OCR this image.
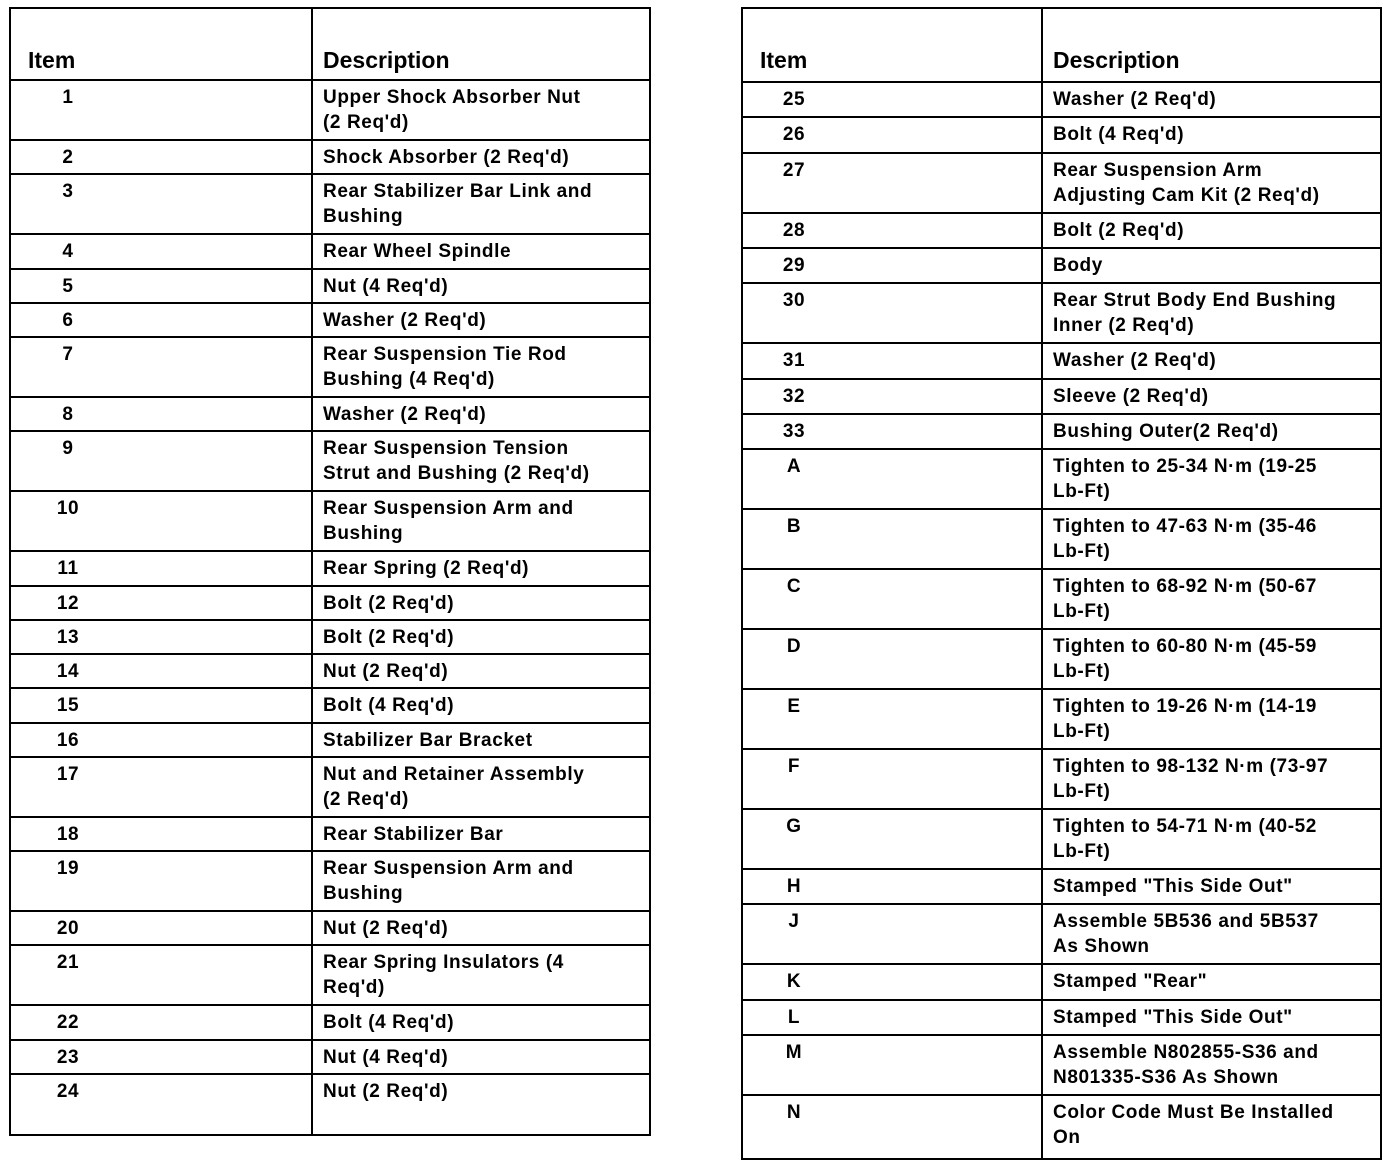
Item	Description
1	Upper Shock Absorber Nut
(2 Req'd)
2	Shock Absorber (2 Req'd)
3	Rear Stabilizer Bar Link and
Bushing
4	Rear Wheel Spindle
5	Nut (4 Req'd)
6	Washer (2 Req'd)
7	Rear Suspension Tie Rod
Bushing (4 Req'd)
8	Washer (2 Req'd)
9	Rear Suspension Tension
Strut and Bushing (2 Req'd)
10	Rear Suspension Arm and
Bushing
11	Rear Spring (2 Req'd)
12	Bolt (2 Req'd)
13	Bolt (2 Req'd)
14	Nut (2 Req'd)
15	Bolt (4 Req'd)
16	Stabilizer Bar Bracket
17	Nut and Retainer Assembly
(2 Req'd)
18	Rear Stabilizer Bar
19	Rear Suspension Arm and
Bushing
20	Nut (2 Req'd)
21	Rear Spring Insulators (4
Req'd)
22	Bolt (4 Req'd)
23	Nut (4 Req'd)
24	Nut (2 Req'd)
Item	Description
25	Washer (2 Req'd)
26	Bolt (4 Req'd)
27	Rear Suspension Arm
Adjusting Cam Kit (2 Req'd)
28	Bolt (2 Req'd)
29	Body
30	Rear Strut Body End Bushing
Inner (2 Req'd)
31	Washer (2 Req'd)
32	Sleeve (2 Req'd)
33	Bushing Outer(2 Req'd)
A	Tighten to 25-34 N·m (19-25
Lb-Ft)
B	Tighten to 47-63 N·m (35-46
Lb-Ft)
C	Tighten to 68-92 N·m (50-67
Lb-Ft)
D	Tighten to 60-80 N·m (45-59
Lb-Ft)
E	Tighten to 19-26 N·m (14-19
Lb-Ft)
F	Tighten to 98-132 N·m (73-97
Lb-Ft)
G	Tighten to 54-71 N·m (40-52
Lb-Ft)
H	Stamped "This Side Out"
J	Assemble 5B536 and 5B537
As Shown
K	Stamped "Rear"
L	Stamped "This Side Out"
M	Assemble N802855-S36 and
N801335-S36 As Shown
N	Color Code Must Be Installed
On
